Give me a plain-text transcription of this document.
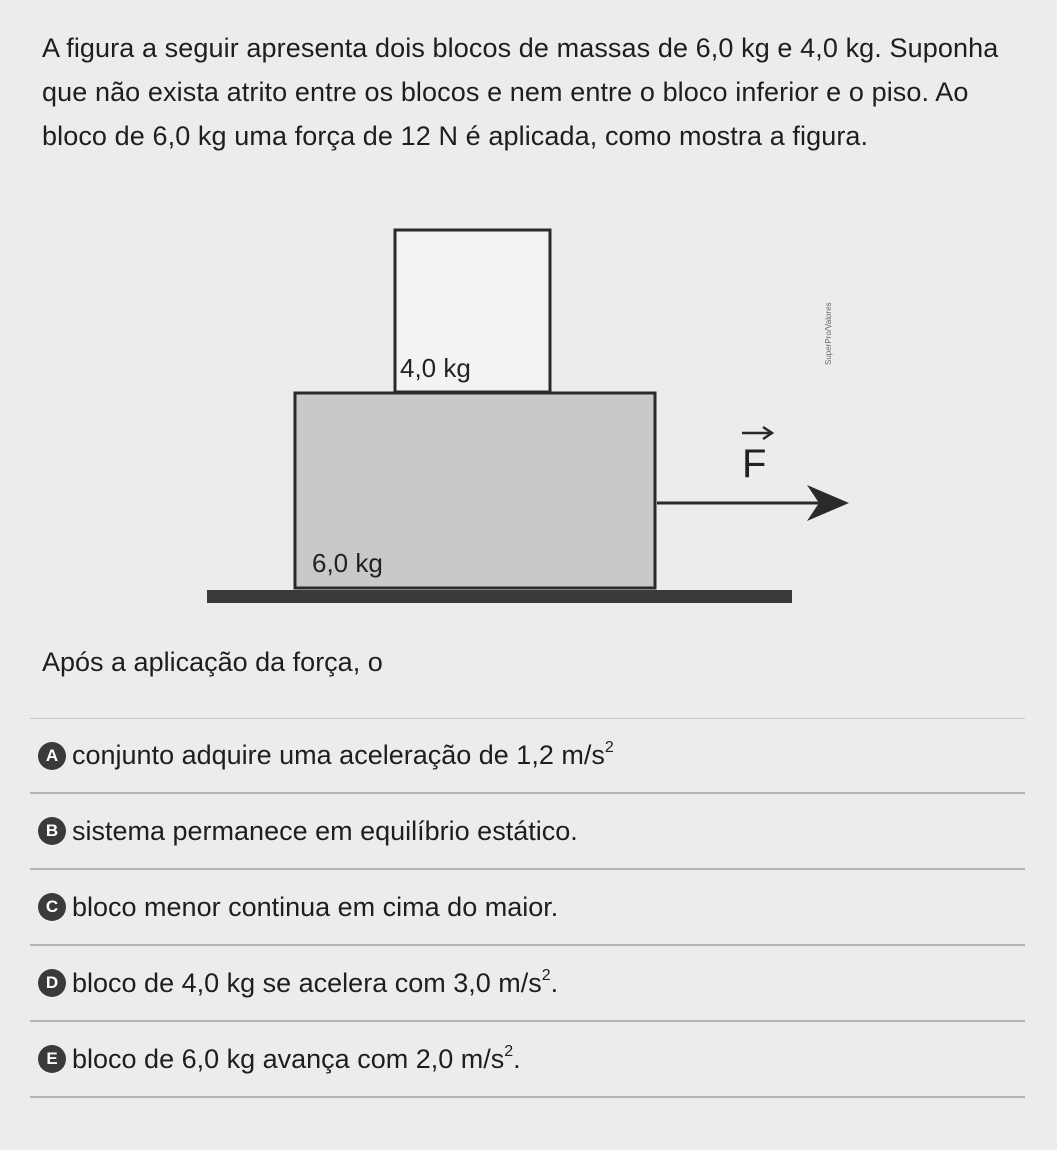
A figura a seguir apresenta dois blocos de massas de 6,0 kg e 4,0 kg. Suponha que não exista atrito entre os blocos e nem entre o bloco inferior e o piso. Ao bloco de 6,0 kg uma força de 12 N é aplicada, como mostra a figura.

4,0 kg
6,0 kg
F
SuperPro/Valores

Após a aplicação da força, o

A conjunto adquire uma aceleração de 1,2 $m/s^2$
B sistema permanece em equilíbrio estático.
C bloco menor continua em cima do maior.
D bloco de 4,0 kg se acelera com 3,0 $m/s^2$.
E bloco de 6,0 kg avança com 2,0 $m/s^2$.
